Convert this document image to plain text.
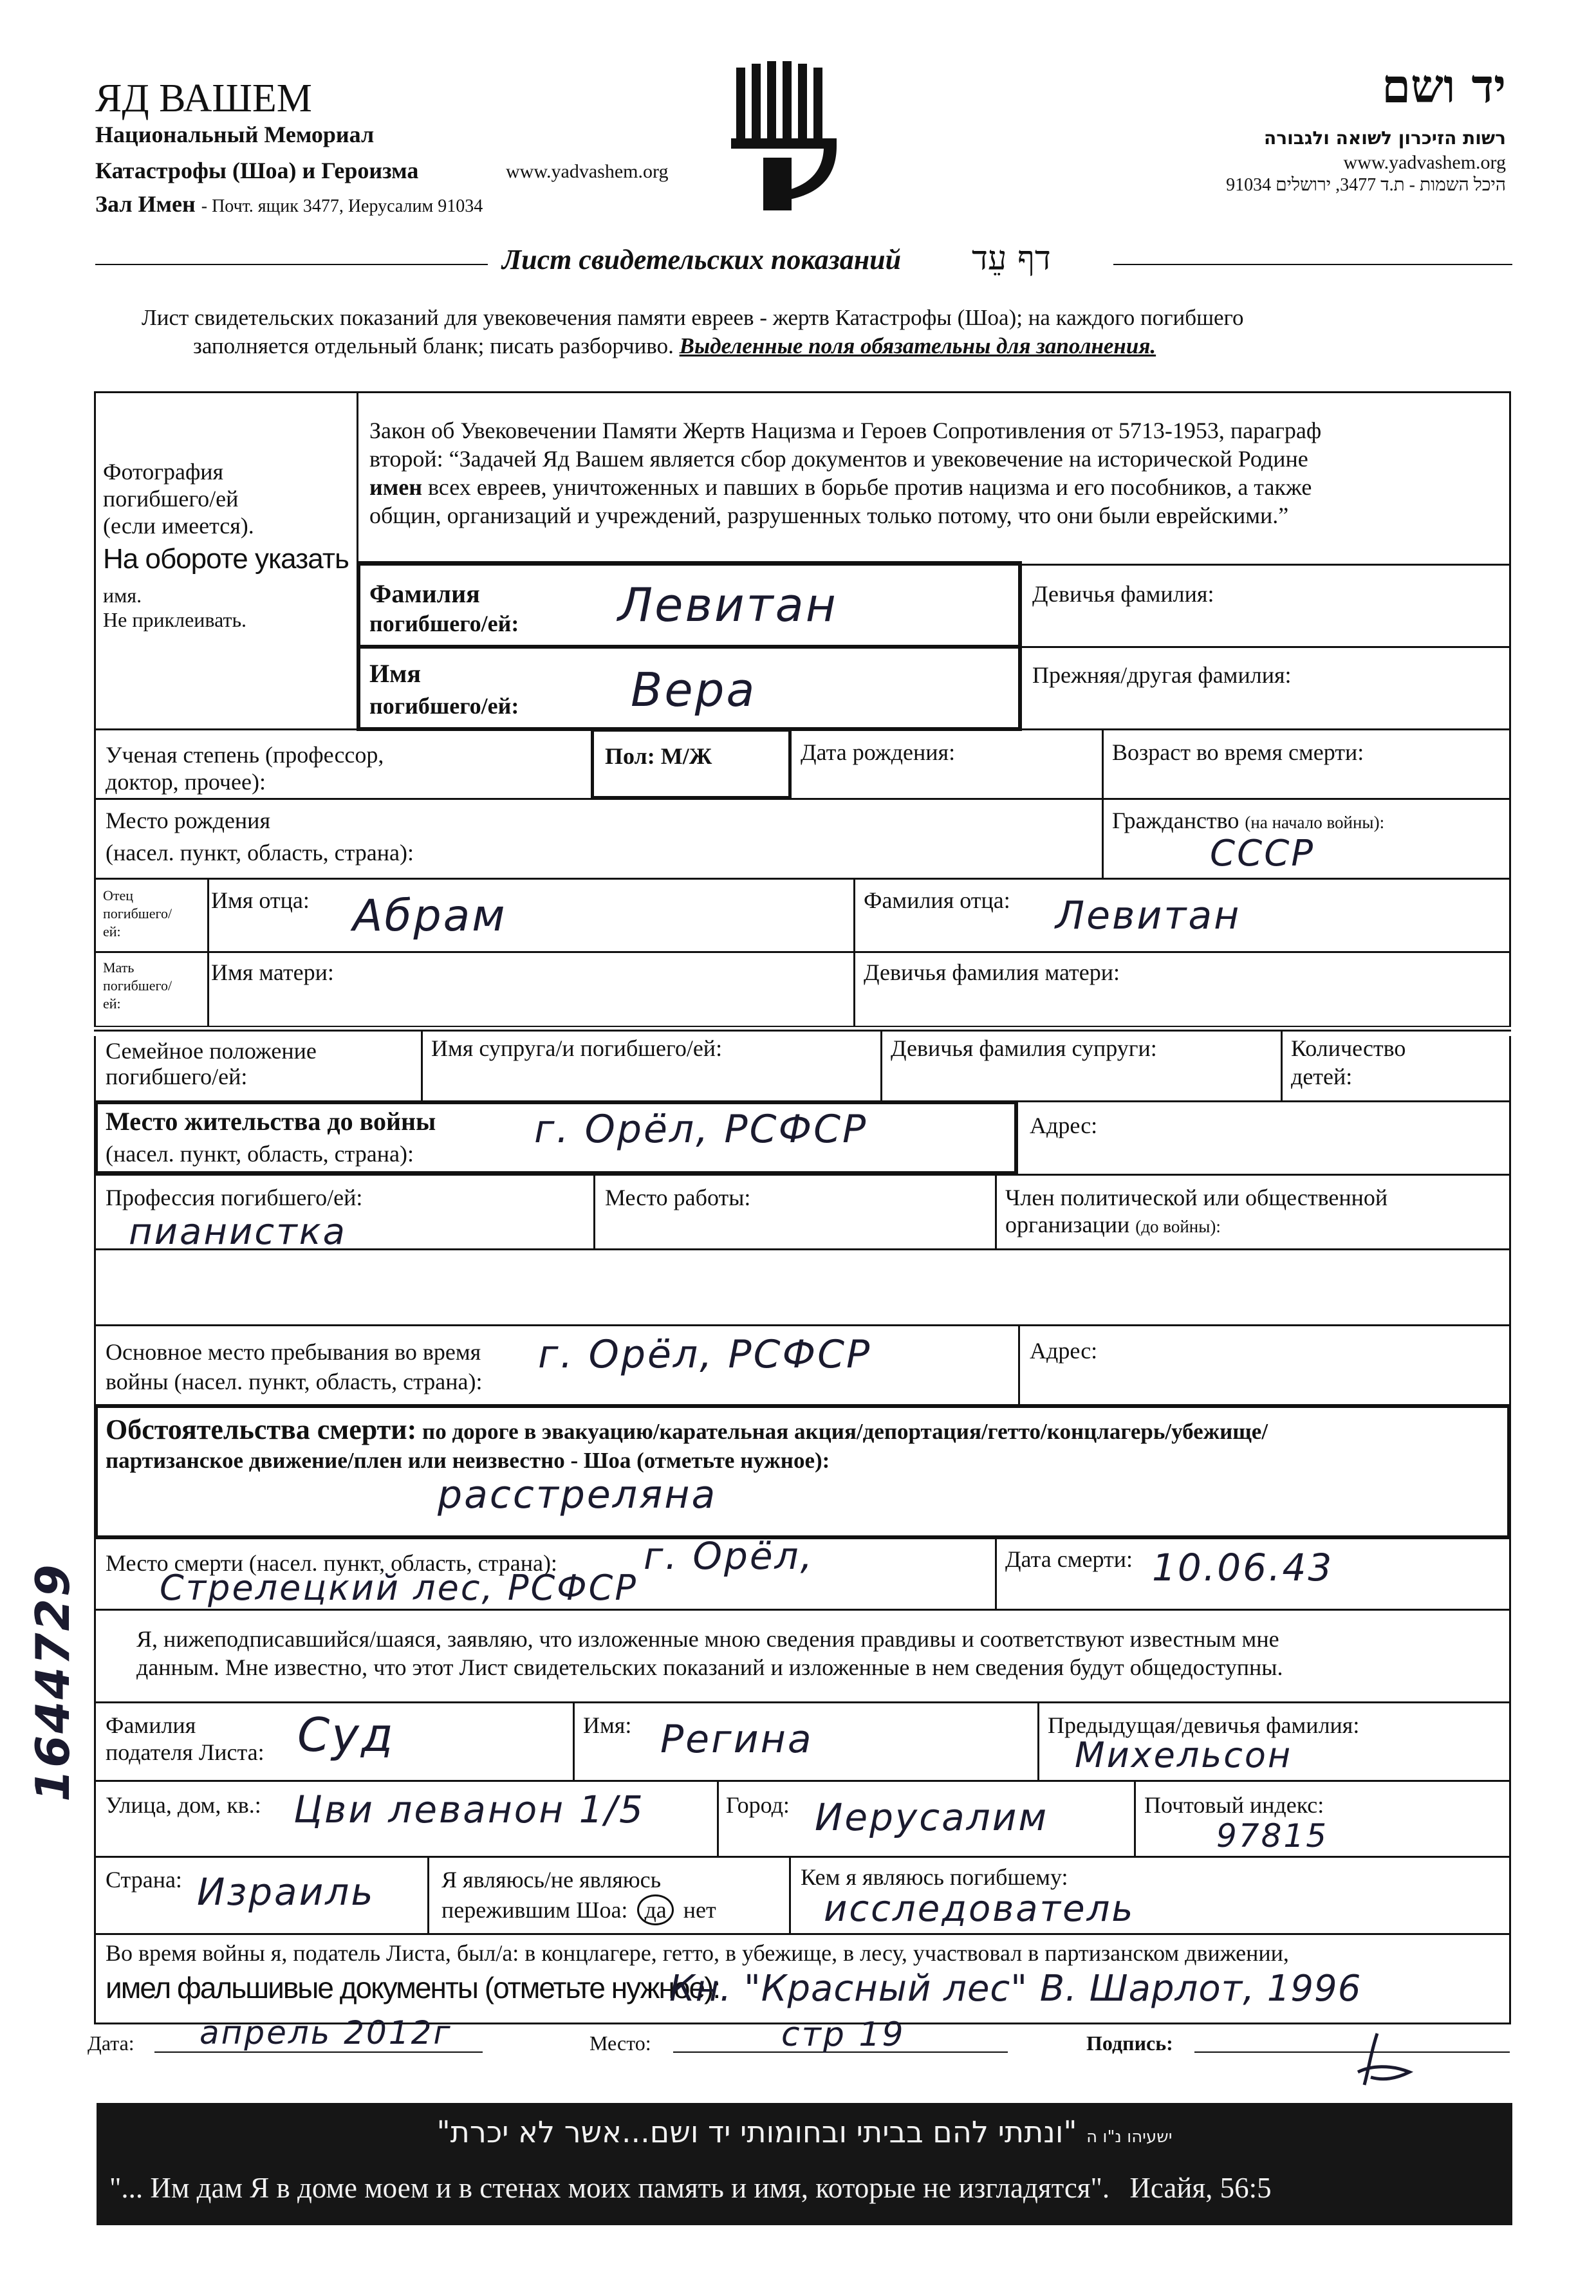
ЯД ВАШЕМ
Национальный Мемориал
Катастрофы (Шоа) и Героизма	www.yadvashem.org
Зал Имен - Почт. ящик 3477, Иерусалим 91034
יד ושם
רשות הזיכרון לשואה ולגבורה
www.yadvashem.org
91034 היכל השמות - ת.ד 3477, ירושלים
Лист свидетельских показаний דף עֵד
Лист свидетельских показаний для увековечения памяти евреев - жертв Катастрофы (Шоа); на каждого погибшего
заполняется отдельный бланк; писать разборчиво. Выделенные поля обязательны для заполнения.
Фотография
погибшего/ей
(если имеется).
На обороте указать
имя.
Не приклеивать.
Закон об Увековечении Памяти Жертв Нацизма и Героев Сопротивления от 5713-1953, параграф
второй: “Задачей Яд Вашем является сбор документов и увековечение на исторической Родине
имен всех евреев, уничтоженных и павших в борьбе против нацизма и его пособников, а также
общин, организаций и учреждений, разрушенных только потому, что они были еврейскими.”
Фамилия
погибшего/ей: Левитан	Девичья фамилия:
Имя
погибшего/ей: Вера	Прежняя/другая фамилия:
Ученая степень (профессор,
доктор, прочее):
Пол: М/Ж	Дата рождения:	Возраст во время смерти:
Место рождения
(насел. пункт, область, страна):
Гражданство (на начало войны):
СССР
Отец
погибшего/
ей:
Имя отца: Абрам	Фамилия отца: Левитан
Мать
погибшего/
ей:
Имя матери:	Девичья фамилия матери:
Семейное положение
погибшего/ей:
Имя супруга/и погибшего/ей:	Девичья фамилия супруги:	Количество
детей:
Место жительства до войны
(насел. пункт, область, страна):
г. Орёл, РСФСР	Адрес:
Профессия погибшего/ей:
пианистка
Место работы:	Член политической или общественной
организации (до войны):
Основное место пребывания во время
войны (насел. пункт, область, страна):
г. Орёл, РСФСР	Адрес:
Обстоятельства смерти: по дороге в эвакуацию/карательная акция/депортация/гетто/концлагерь/убежище/
партизанское движение/плен или неизвестно - Шоа (отметьте нужное):
расстреляна
Место смерти (насел. пункт, область, страна): г. Орёл,
Стрелецкий лес, РСФСР
Дата смерти: 10.06.43
Я, нижеподписавшийся/шаяся, заявляю, что изложенные мною сведения правдивы и соответствуют известным мне
данным. Мне известно, что этот Лист свидетельских показаний и изложенные в нем сведения будут общедоступны.
Фамилия
подателя Листа: Суд	Имя: Регина	Предыдущая/девичья фамилия:
Михельсон
Улица, дом, кв.: Цви леванон 1/5	Город: Иерусалим	Почтовый индекс:
97815
Страна: Израиль	Я являюсь/не являюсь
пережившим Шоа: да нет
Кем я являюсь погибшему:
исследователь
Во время войны я, податель Листа, был/а: в концлагере, гетто, в убежище, в лесу, участвовал в партизанском движении,
имел фальшивые документы (отметьте нужное):
Кн. "Красный лес" В. Шарлот, 1996
Дата: апрель 2012г	Место:	стр 19	Подпись:
1644729
ישעיהו נ"ו ה "ונתתי להם בביתי ובחומותי יד ושם...אשר לא יכרת"
"... Им дам Я в доме моем и в стенах моих память и имя, которые не изгладятся". Исайя, 56:5
